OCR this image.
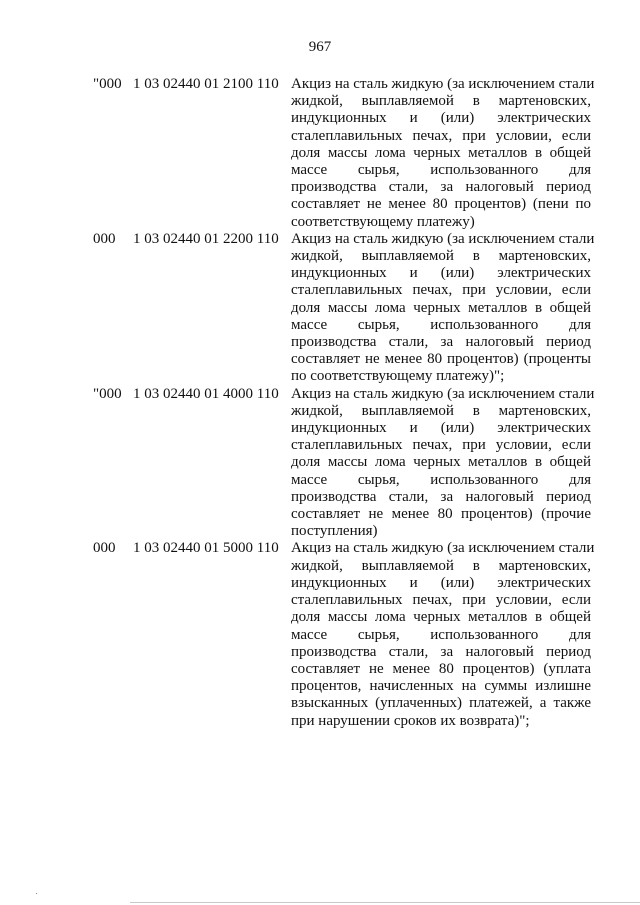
967
"000 1 03 02440 01 2100 110 Акциз на сталь жидкую (за исключением стали
жидкой, выплавляемой в мартеновских,
индукционных и (или) электрических
сталеплавильных печах, при условии, если
доля массы лома черных металлов в общей
массе сырья, использованного для
производства стали, за налоговый период
составляет не менее 80 процентов) (пени по
соответствующему платежу)
000 1 03 02440 01 2200 110 Акциз на сталь жидкую (за исключением стали
жидкой, выплавляемой в мартеновских,
индукционных и (или) электрических
сталеплавильных печах, при условии, если
доля массы лома черных металлов в общей
массе сырья, использованного для
производства стали, за налоговый период
составляет не менее 80 процентов) (проценты
по соответствующему платежу)";
"000 1 03 02440 01 4000 110 Акциз на сталь жидкую (за исключением стали
жидкой, выплавляемой в мартеновских,
индукционных и (или) электрических
сталеплавильных печах, при условии, если
доля массы лома черных металлов в общей
массе сырья, использованного для
производства стали, за налоговый период
составляет не менее 80 процентов) (прочие
поступления)
000 1 03 02440 01 5000 110 Акциз на сталь жидкую (за исключением стали
жидкой, выплавляемой в мартеновских,
индукционных и (или) электрических
сталеплавильных печах, при условии, если
доля массы лома черных металлов в общей
массе сырья, использованного для
производства стали, за налоговый период
составляет не менее 80 процентов) (уплата
процентов, начисленных на суммы излишне
взысканных (уплаченных) платежей, а также
при нарушении сроков их возврата)";
